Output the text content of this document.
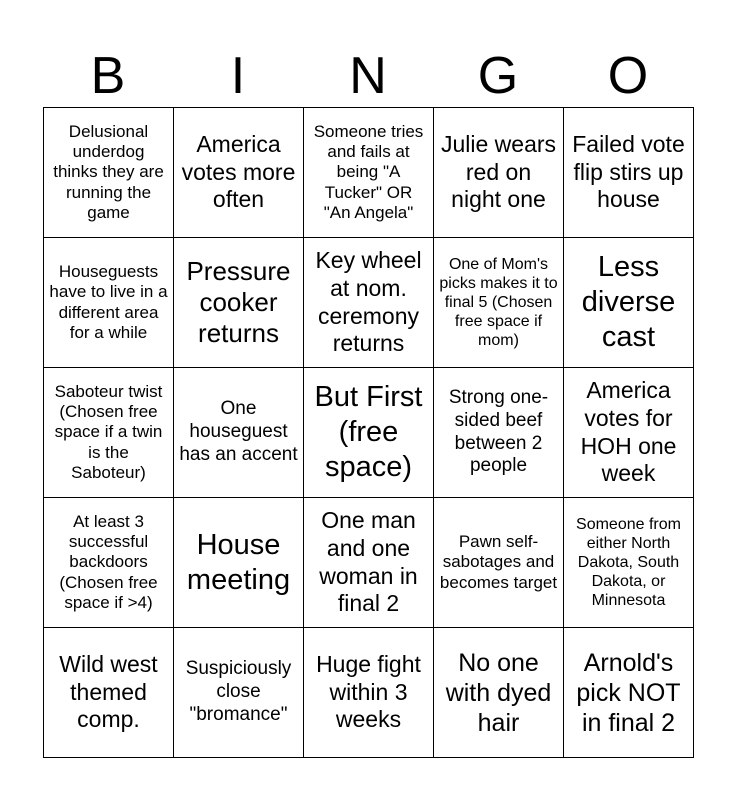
B	I	N	G	O
Delusional underdog thinks they are running the game
America votes more often
Someone tries and fails at being "A Tucker" OR "An Angela"
Julie wears red on night one
Failed vote flip stirs up house
Houseguests have to live in a different area for a while
Pressure cooker returns
Key wheel at nom. ceremony returns
One of Mom's picks makes it to final 5 (Chosen free space if mom)
Less diverse cast
Saboteur twist (Chosen free space if a twin is the Saboteur)
One houseguest has an accent
But First (free space)
Strong one-sided beef between 2 people
America votes for HOH one week
At least 3 successful backdoors (Chosen free space if >4)
House meeting
One man and one woman in final 2
Pawn self-sabotages and becomes target
Someone from either North Dakota, South Dakota, or Minnesota
Wild west themed comp.
Suspiciously close "bromance"
Huge fight within 3 weeks
No one with dyed hair
Arnold's pick NOT in final 2
